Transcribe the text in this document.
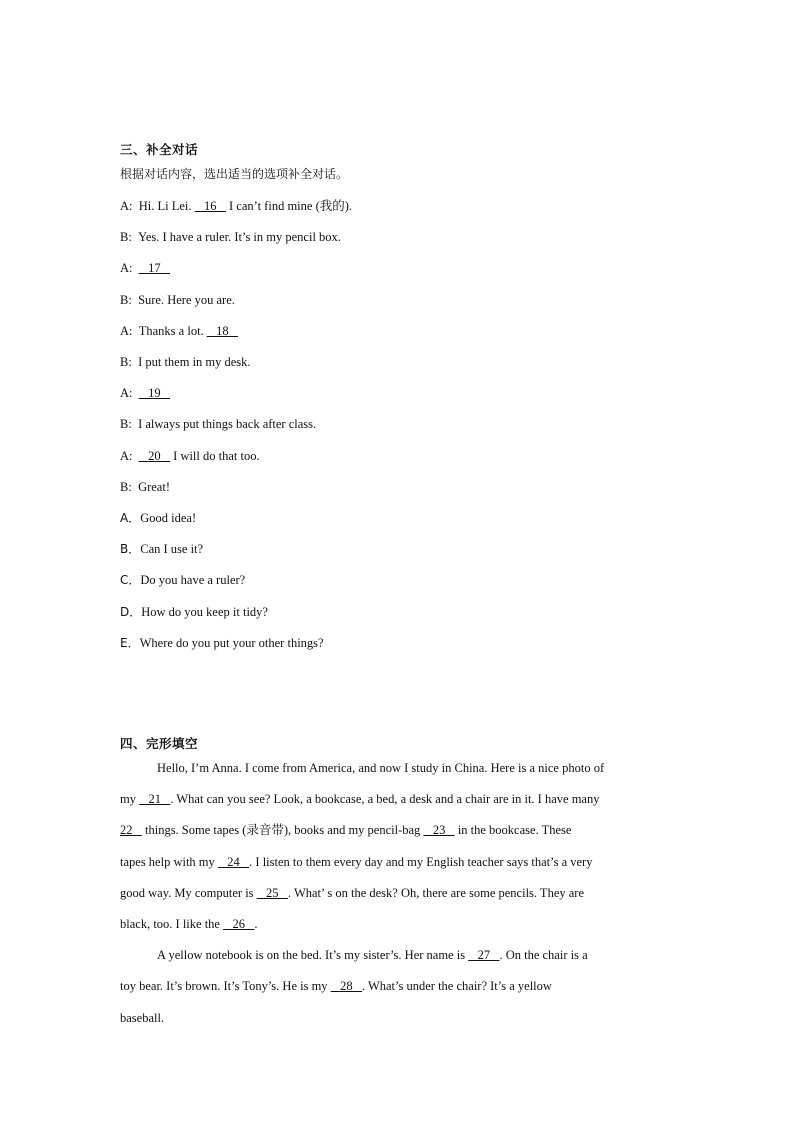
三、补全对话
根据对话内容，选出适当的选项补全对话。
A:  Hi. Li Lei.    16    I can’t find mine (我的).
B:  Yes. I have a ruler. It’s in my pencil box.
A:     17
B:  Sure. Here you are.
A:  Thanks a lot.    18
B:  I put them in my desk.
A:     19
B:  I always put things back after class.
A:     20    I will do that too.
B:  Great!
A．Good idea!
B．Can I use it?
C．Do you have a ruler?
D．How do you keep it tidy?
E．Where do you put your other things?
四、完形填空
Hello, I’m Anna. I come from America, and now I study in China. Here is a nice photo of
my    21   . What can you see? Look, a bookcase, a bed, a desk and a chair are in it. I have many
22    things. Some tapes (录音带), books and my pencil-bag    23    in the bookcase. These
tapes help with my    24   . I listen to them every day and my English teacher says that’s a very
good way. My computer is    25   . What’ s on the desk? Oh, there are some pencils. They are
black, too. I like the    26   .
A yellow notebook is on the bed. It’s my sister’s. Her name is    27   . On the chair is a
toy bear. It’s brown. It’s Tony’s. He is my    28   . What’s under the chair? It’s a yellow
baseball.
